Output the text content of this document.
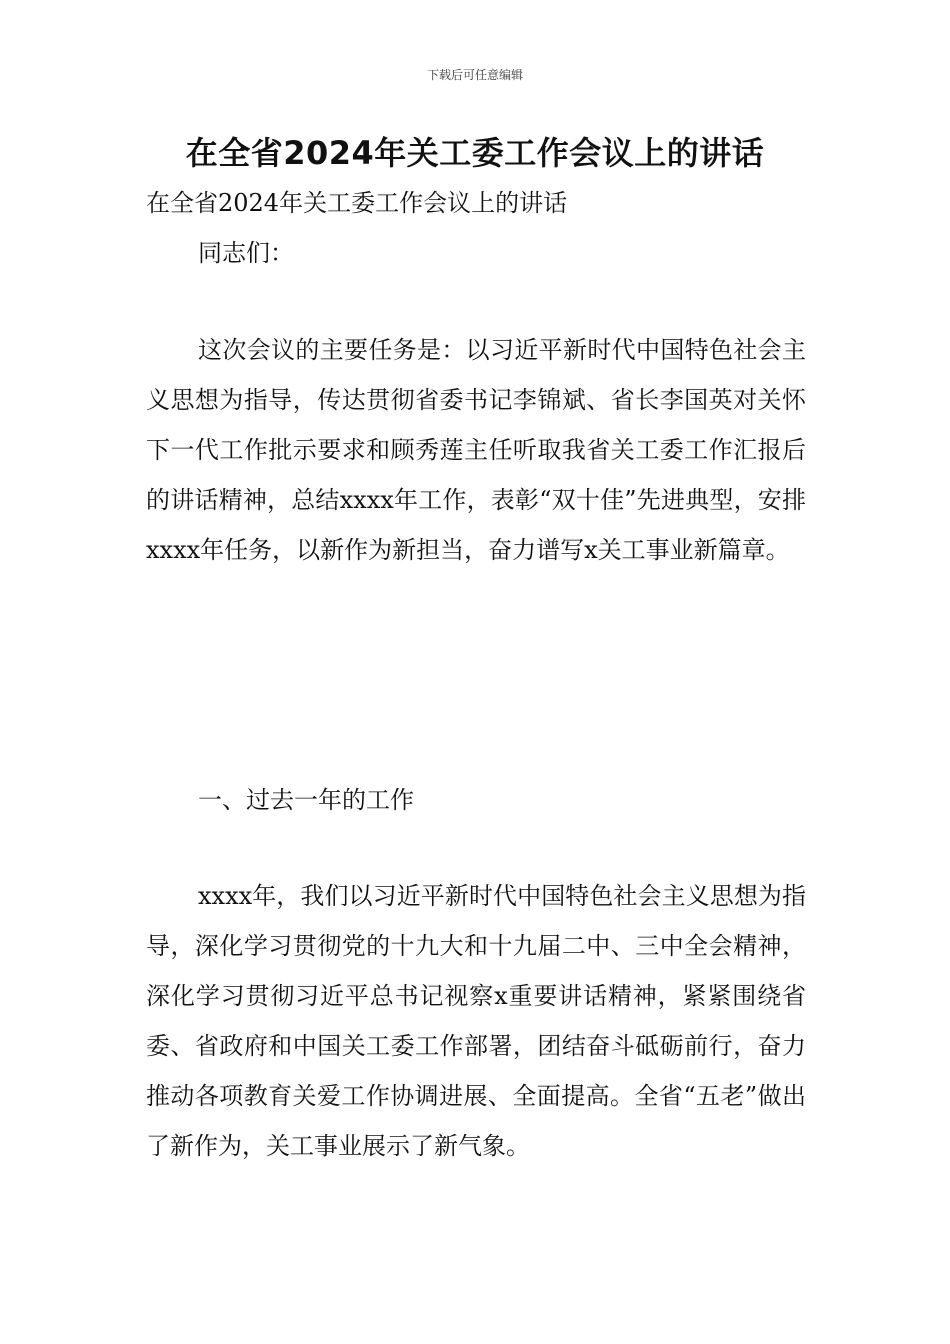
下载后可任意编辑
在全省2024年关工委工作会议上的讲话

在全省2024年关工委工作会议上的讲话

同志们：

这次会议的主要任务是：以习近平新时代中国特色社会主义思想为指导，传达贯彻省委书记李锦斌、省长李国英对关怀下一代工作批示要求和顾秀莲主任听取我省关工委工作汇报后的讲话精神，总结xxxx年工作，表彰“双十佳”先进典型，安排xxxx年任务，以新作为新担当，奋力谱写x关工事业新篇章。

一、过去一年的工作

xxxx年，我们以习近平新时代中国特色社会主义思想为指导，深化学习贯彻党的十九大和十九届二中、三中全会精神，深化学习贯彻习近平总书记视察x重要讲话精神，紧紧围绕省委、省政府和中国关工委工作部署，团结奋斗砥砺前行，奋力推动各项教育关爱工作协调进展、全面提高。全省“五老”做出了新作为，关工事业展示了新气象。
